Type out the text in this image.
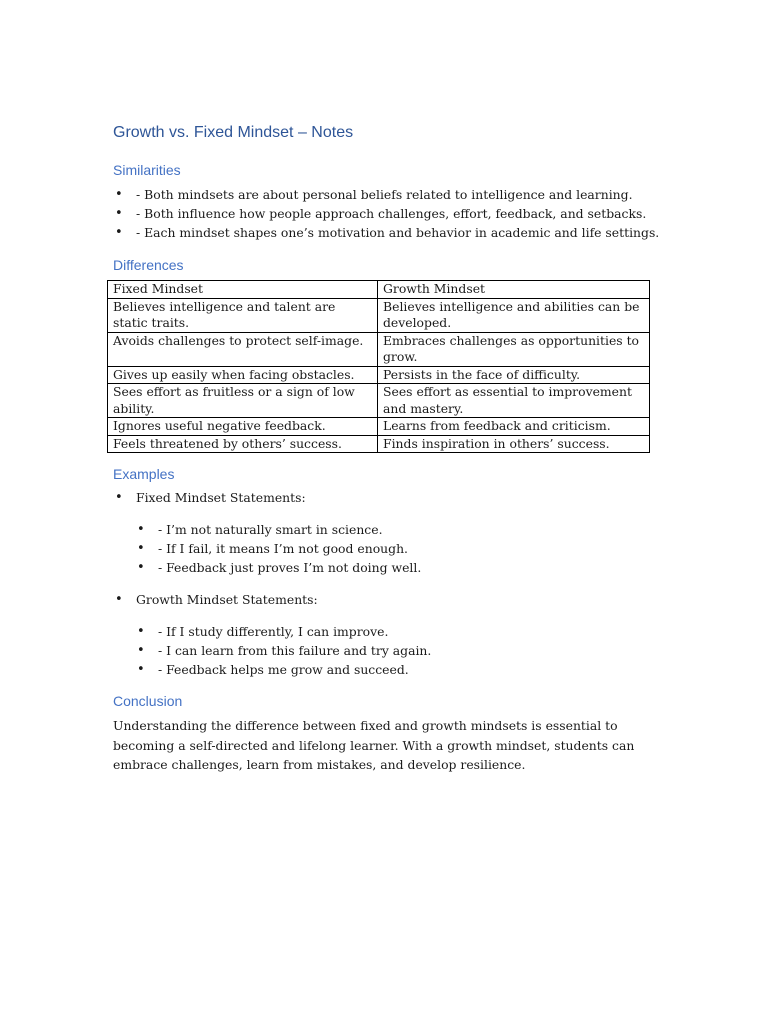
Growth vs. Fixed Mindset – Notes
Similarities
• - Both mindsets are about personal beliefs related to intelligence and learning.
• - Both influence how people approach challenges, effort, feedback, and setbacks.
• - Each mindset shapes one’s motivation and behavior in academic and life settings.
Differences
Fixed Mindset	Growth Mindset
Believes intelligence and talent are static traits.	Believes intelligence and abilities can be developed.
Avoids challenges to protect self-image.	Embraces challenges as opportunities to grow.
Gives up easily when facing obstacles.	Persists in the face of difficulty.
Sees effort as fruitless or a sign of low ability.	Sees effort as essential to improvement and mastery.
Ignores useful negative feedback.	Learns from feedback and criticism.
Feels threatened by others’ success.	Finds inspiration in others’ success.
Examples
• Fixed Mindset Statements:
• - I’m not naturally smart in science.
• - If I fail, it means I’m not good enough.
• - Feedback just proves I’m not doing well.
• Growth Mindset Statements:
• - If I study differently, I can improve.
• - I can learn from this failure and try again.
• - Feedback helps me grow and succeed.
Conclusion

Understanding the difference between fixed and growth mindsets is essential to becoming a self-directed and lifelong learner. With a growth mindset, students can embrace challenges, learn from mistakes, and develop resilience.
